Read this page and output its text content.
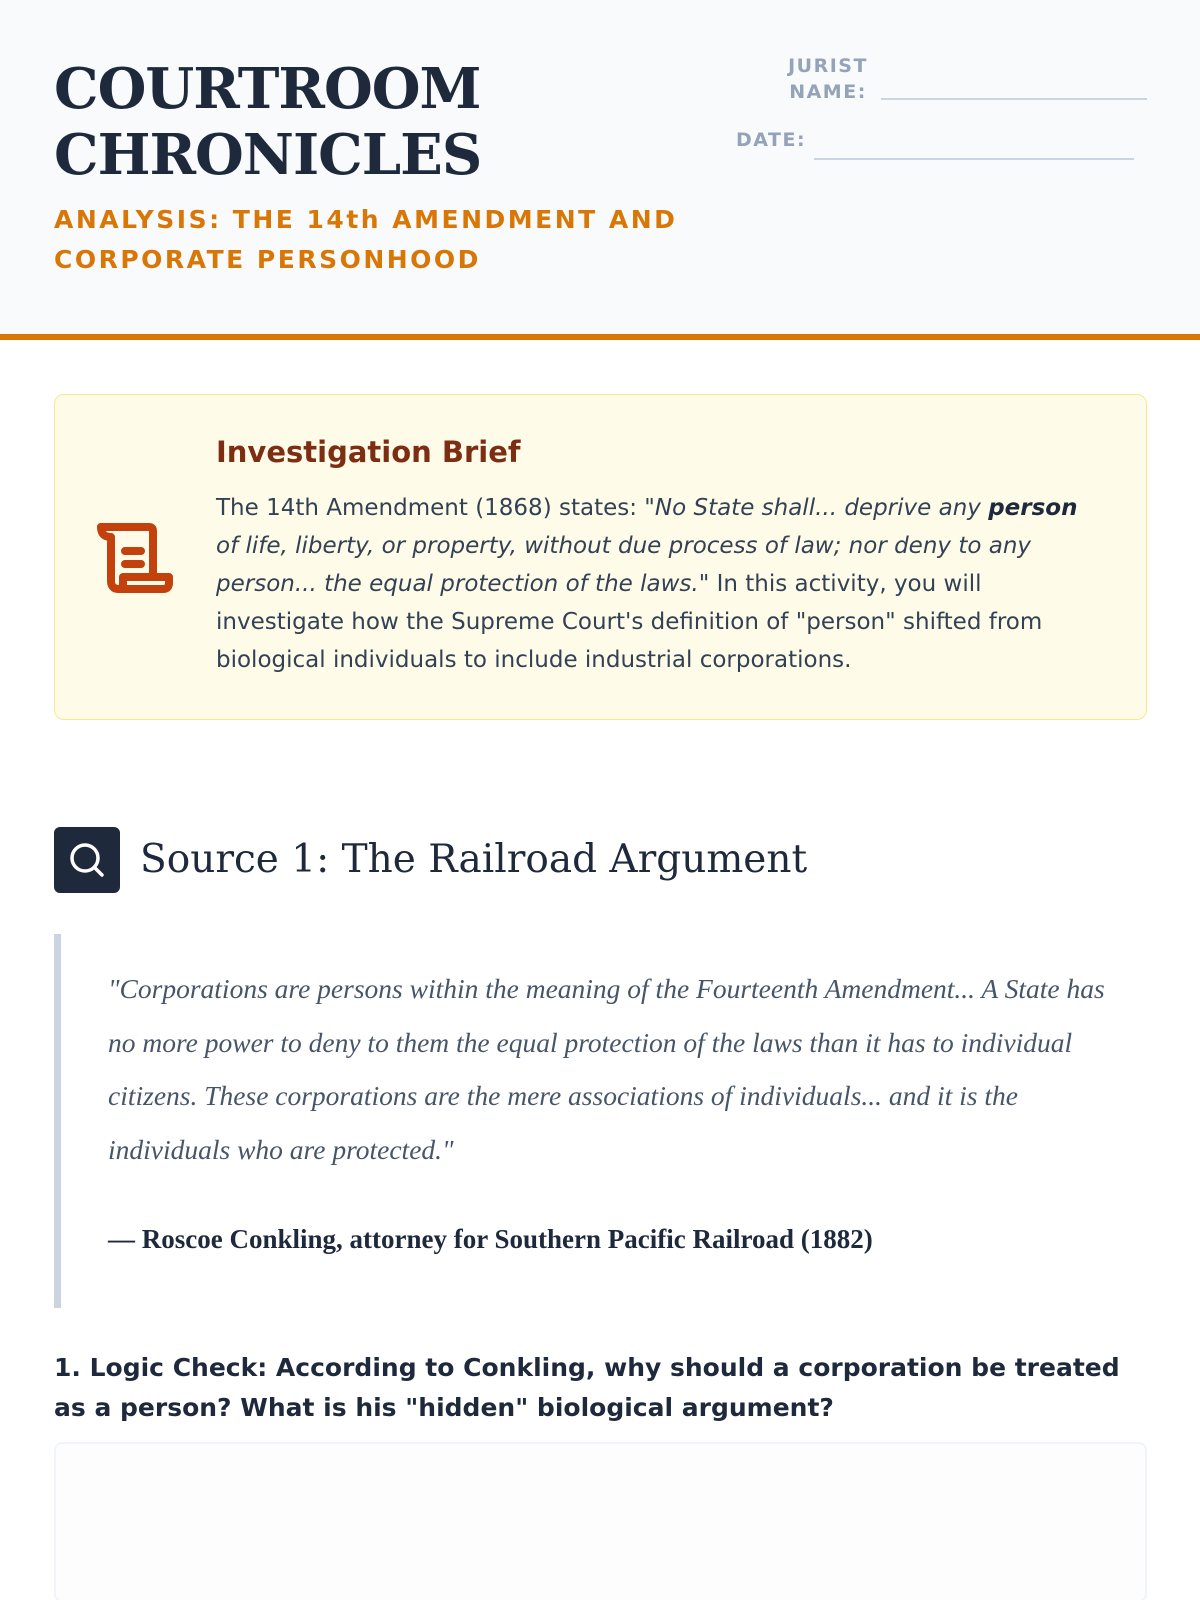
COURTROOM
CHRONICLES
ANALYSIS: THE 14th AMENDMENT AND
CORPORATE PERSONHOOD
JURIST
NAME:
DATE:
Investigation Brief
The 14th Amendment (1868) states: "No State shall... deprive any person of life, liberty, or property, without due process of law; nor deny to any person... the equal protection of the laws." In this activity, you will investigate how the Supreme Court's definition of "person" shifted from biological individuals to include industrial corporations.
Source 1: The Railroad Argument
"Corporations are persons within the meaning of the Fourteenth Amendment... A State has no more power to deny to them the equal protection of the laws than it has to individual citizens. These corporations are the mere associations of individuals... and it is the individuals who are protected."
— Roscoe Conkling, attorney for Southern Pacific Railroad (1882)
1. Logic Check: According to Conkling, why should a corporation be treated as a person? What is his "hidden" biological argument?
